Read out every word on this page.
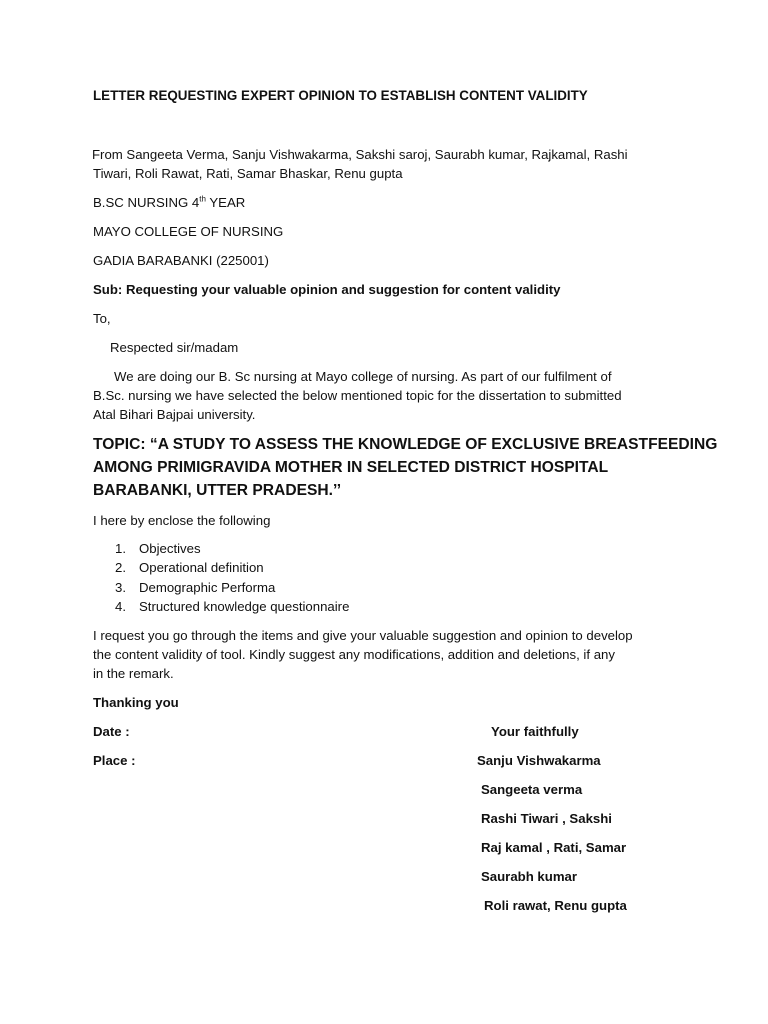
LETTER REQUESTING EXPERT OPINION TO ESTABLISH CONTENT VALIDITY
From Sangeeta Verma, Sanju Vishwakarma, Sakshi saroj, Saurabh kumar, Rajkamal, Rashi
Tiwari, Roli Rawat, Rati, Samar Bhaskar, Renu gupta
B.SC NURSING 4th YEAR
MAYO COLLEGE OF NURSING
GADIA BARABANKI (225001)
Sub: Requesting your valuable opinion and suggestion for content validity
To,
Respected sir/madam
We are doing our B. Sc nursing at Mayo college of nursing. As part of our fulfilment of
B.Sc. nursing we have selected the below mentioned topic for the dissertation to submitted
Atal Bihari Bajpai university.
TOPIC: “A STUDY TO ASSESS THE KNOWLEDGE OF EXCLUSIVE BREASTFEEDING
AMONG PRIMIGRAVIDA MOTHER IN SELECTED DISTRICT HOSPITAL
BARABANKI, UTTER PRADESH.’’
I here by enclose the following
1. Objectives
2. Operational definition
3. Demographic Performa
4. Structured knowledge questionnaire
I request you go through the items and give your valuable suggestion and opinion to develop
the content validity of tool. Kindly suggest any modifications, addition and deletions, if any
in the remark.
Thanking you
Date :	Your faithfully
Place :	Sanju Vishwakarma
Sangeeta verma
Rashi Tiwari , Sakshi
Raj kamal , Rati, Samar
Saurabh kumar
Roli rawat, Renu gupta
